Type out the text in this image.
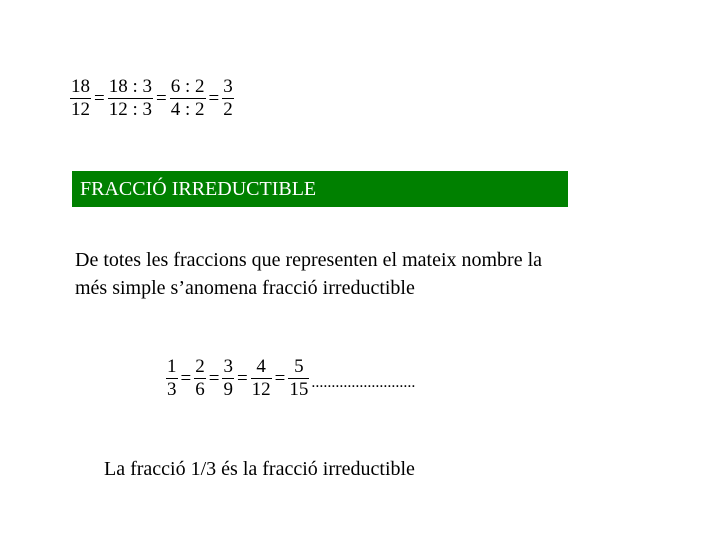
$\frac{18}{12} = \frac{18 : 3}{12 : 3} = \frac{6 : 2}{4 : 2} = \frac{3}{2}$
FRACCIÓ IRREDUCTIBLE
De totes les fraccions que representen el mateix nombre la més simple s’anomena fracció irreductible
$\frac{1}{3} = \frac{2}{6} = \frac{3}{9} = \frac{4}{12} = \frac{5}{15}$ ..........................
La fracció 1/3 és la fracció irreductible
